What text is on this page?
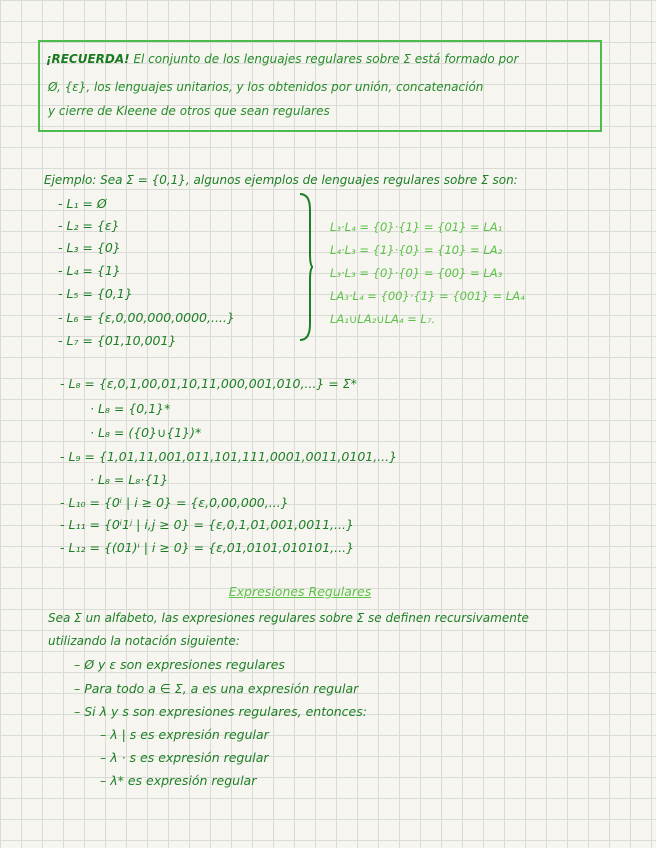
¡RECUERDA! El conjunto de los lenguajes regulares sobre Σ está formado por
Ø, {ε}, los lenguajes unitarios, y los obtenidos por unión, concatenación
y cierre de Kleene de otros que sean regulares
Ejemplo: Sea Σ = {0,1}, algunos ejemplos de lenguajes regulares sobre Σ son:
- L₁ = Ø
- L₂ = {ε}
- L₃ = {0}
- L₄ = {1}
- L₅ = {0,1}
- L₆ = {ε,0,00,000,0000,....}
- L₇ = {01,10,001}
L₃·L₄ = {0}·{1} = {01} = LA₁
L₄·L₃ = {1}·{0} = {10} = LA₂
L₃·L₃ = {0}·{0} = {00} = LA₃
LA₃·L₄ = {00}·{1} = {001} = LA₄
LA₁∪LA₂∪LA₄ = L₇.
- L₈ = {ε,0,1,00,01,10,11,000,001,010,...} = Σ*
· L₈ = {0,1}*
· L₈ = ({0}∪{1})*
- L₉ = {1,01,11,001,011,101,111,0001,0011,0101,...}
· L₈ = L₈·{1}
- L₁₀ = {0ⁱ | i ≥ 0} = {ε,0,00,000,...}
- L₁₁ = {0ⁱ1ʲ | i,j ≥ 0} = {ε,0,1,01,001,0011,...}
- L₁₂ = {(01)ⁱ | i ≥ 0} = {ε,01,0101,010101,...}
Expresiones Regulares
Sea Σ un alfabeto, las expresiones regulares sobre Σ se definen recursivamente
utilizando la notación siguiente:
– Ø y ε son expresiones regulares
– Para todo a ∈ Σ, a es una expresión regular
– Si λ y s son expresiones regulares, entonces:
– λ | s es expresión regular
– λ · s es expresión regular
– λ* es expresión regular
